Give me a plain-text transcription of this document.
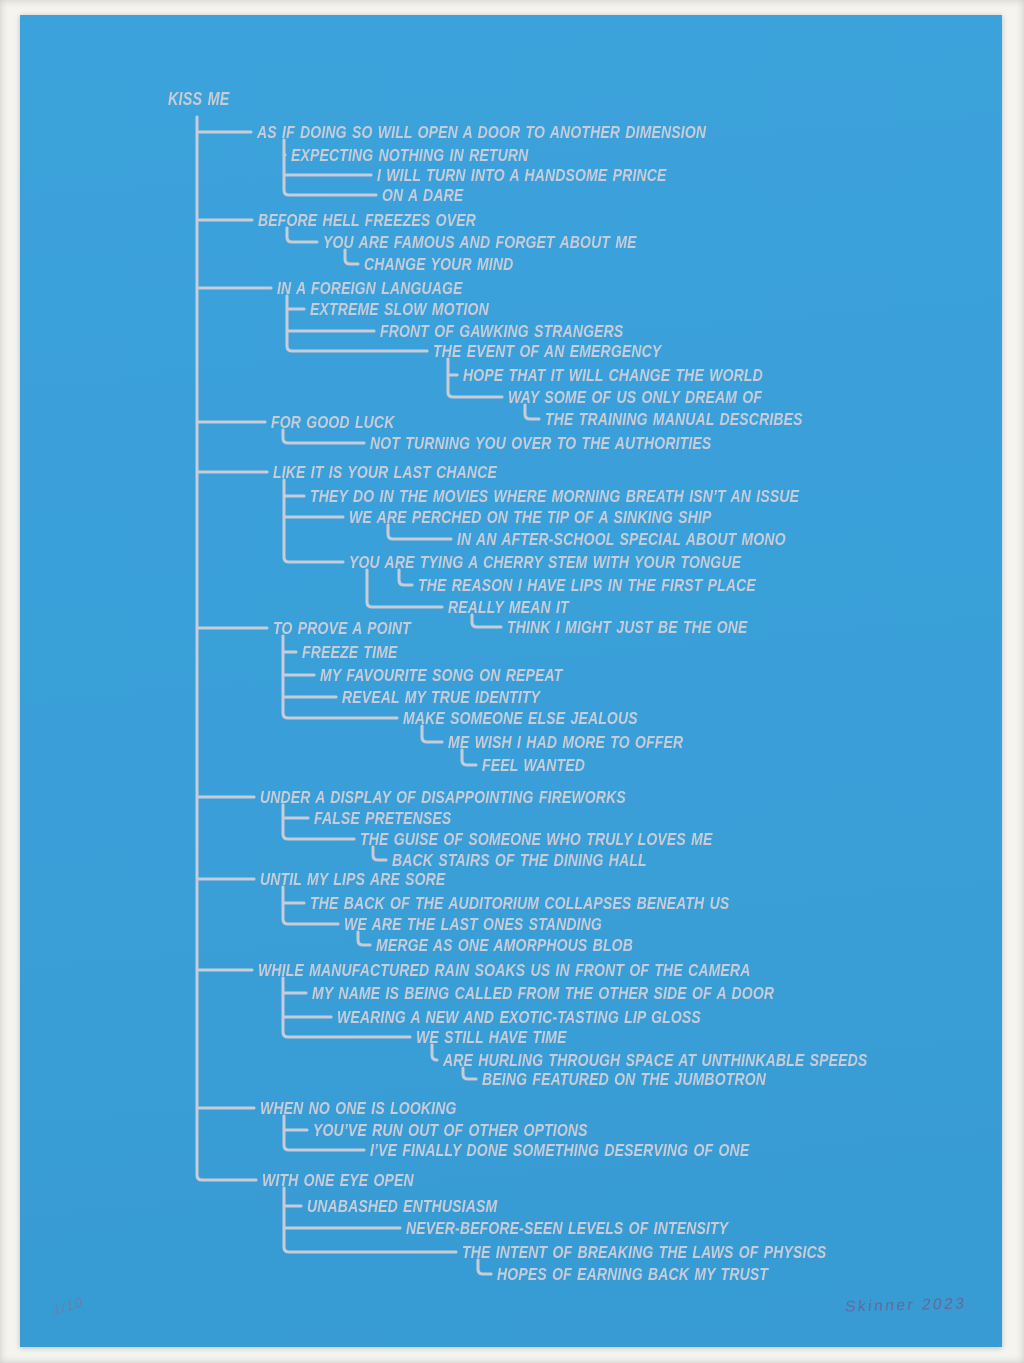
KISS ME
AS IF DOING SO WILL OPEN A DOOR TO ANOTHER DIMENSION
EXPECTING NOTHING IN RETURN
I WILL TURN INTO A HANDSOME PRINCE
ON A DARE
BEFORE HELL FREEZES OVER
YOU ARE FAMOUS AND FORGET ABOUT ME
CHANGE YOUR MIND
IN A FOREIGN LANGUAGE
EXTREME SLOW MOTION
FRONT OF GAWKING STRANGERS
THE EVENT OF AN EMERGENCY
HOPE THAT IT WILL CHANGE THE WORLD
WAY SOME OF US ONLY DREAM OF
THE TRAINING MANUAL DESCRIBES
FOR GOOD LUCK
NOT TURNING YOU OVER TO THE AUTHORITIES
LIKE IT IS YOUR LAST CHANCE
THEY DO IN THE MOVIES WHERE MORNING BREATH ISN’T AN ISSUE
WE ARE PERCHED ON THE TIP OF A SINKING SHIP
IN AN AFTER-SCHOOL SPECIAL ABOUT MONO
YOU ARE TYING A CHERRY STEM WITH YOUR TONGUE
THE REASON I HAVE LIPS IN THE FIRST PLACE
REALLY MEAN IT
THINK I MIGHT JUST BE THE ONE
TO PROVE A POINT
FREEZE TIME
MY FAVOURITE SONG ON REPEAT
REVEAL MY TRUE IDENTITY
MAKE SOMEONE ELSE JEALOUS
ME WISH I HAD MORE TO OFFER
FEEL WANTED
UNDER A DISPLAY OF DISAPPOINTING FIREWORKS
FALSE PRETENSES
THE GUISE OF SOMEONE WHO TRULY LOVES ME
BACK STAIRS OF THE DINING HALL
UNTIL MY LIPS ARE SORE
THE BACK OF THE AUDITORIUM COLLAPSES BENEATH US
WE ARE THE LAST ONES STANDING
MERGE AS ONE AMORPHOUS BLOB
WHILE MANUFACTURED RAIN SOAKS US IN FRONT OF THE CAMERA
MY NAME IS BEING CALLED FROM THE OTHER SIDE OF A DOOR
WEARING A NEW AND EXOTIC-TASTING LIP GLOSS
WE STILL HAVE TIME
ARE HURLING THROUGH SPACE AT UNTHINKABLE SPEEDS
BEING FEATURED ON THE JUMBOTRON
WHEN NO ONE IS LOOKING
YOU’VE RUN OUT OF OTHER OPTIONS
I’VE FINALLY DONE SOMETHING DESERVING OF ONE
WITH ONE EYE OPEN
UNABASHED ENTHUSIASM
NEVER-BEFORE-SEEN LEVELS OF INTENSITY
THE INTENT OF BREAKING THE LAWS OF PHYSICS
HOPES OF EARNING BACK MY TRUST
1/10	Skinner 2023
